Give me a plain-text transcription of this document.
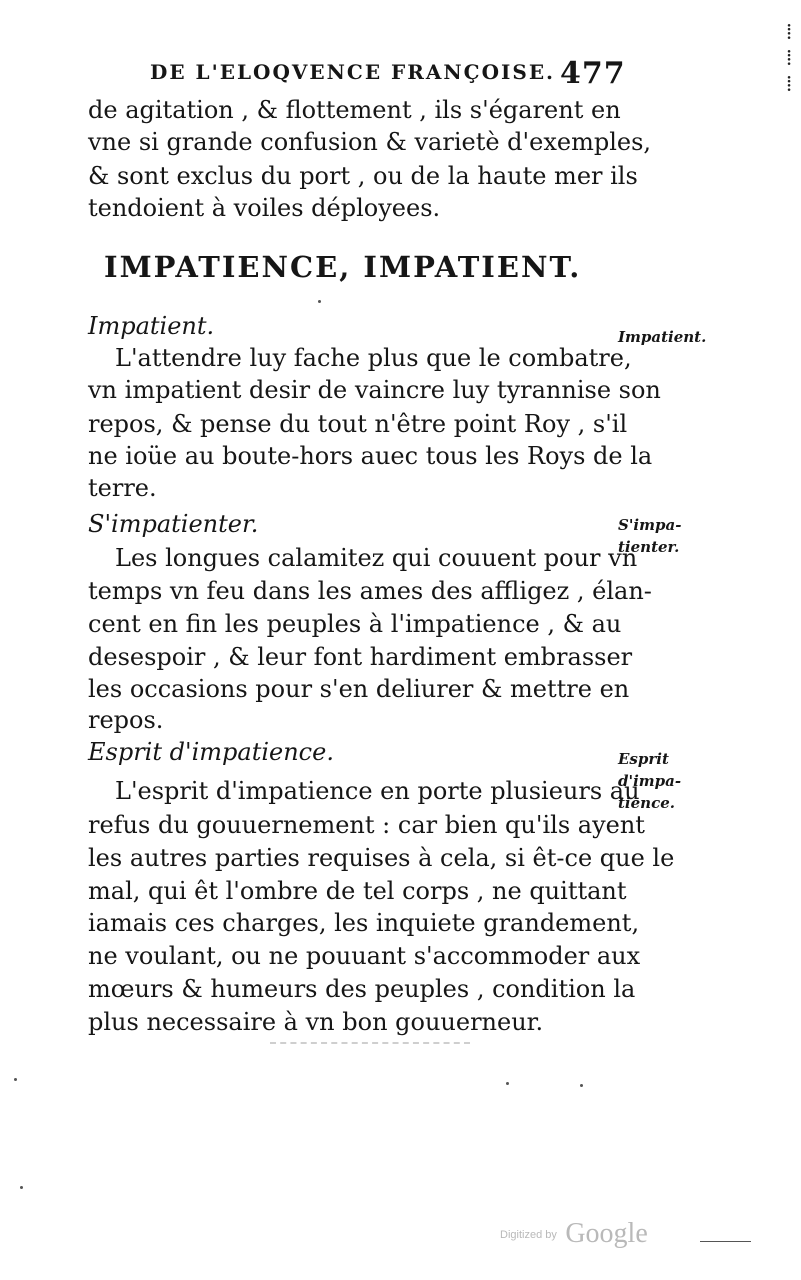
DE L'ELOQVENCE FRANÇOISE. 477
⁞
⁞
⁞
de agitation , & flottement , ils s'égarent en
vne si grande confusion & varietè d'exemples,
& sont exclus du port , ou de la haute mer ils
tendoient à voiles déployees.
IMPATIENCE, IMPATIENT.
Impatient.	Impatient.
L'attendre luy fache plus que le combatre,
vn impatient desir de vaincre luy tyrannise son
repos, & pense du tout n'être point Roy , s'il
ne ioüe au boute-hors auec tous les Roys de la
terre.
S'impatienter.	S'impa-
tienter.
Les longues calamitez qui couuent pour vn
temps vn feu dans les ames des affligez , élan-
cent en fin les peuples à l'impatience , & au
desespoir , & leur font hardiment embrasser
les occasions pour s'en deliurer & mettre en
repos.
Esprit d'impatience.	Esprit
d'impa-
tience.
L'esprit d'impatience en porte plusieurs au
refus du gouuernement : car bien qu'ils ayent
les autres parties requises à cela, si êt-ce que le
mal, qui êt l'ombre de tel corps , ne quittant
iamais ces charges, les inquiete grandement,
ne voulant, ou ne pouuant s'accommoder aux
mœurs & humeurs des peuples , condition la
plus necessaire à vn bon gouuerneur.
$^{Digitized by}$ Google
